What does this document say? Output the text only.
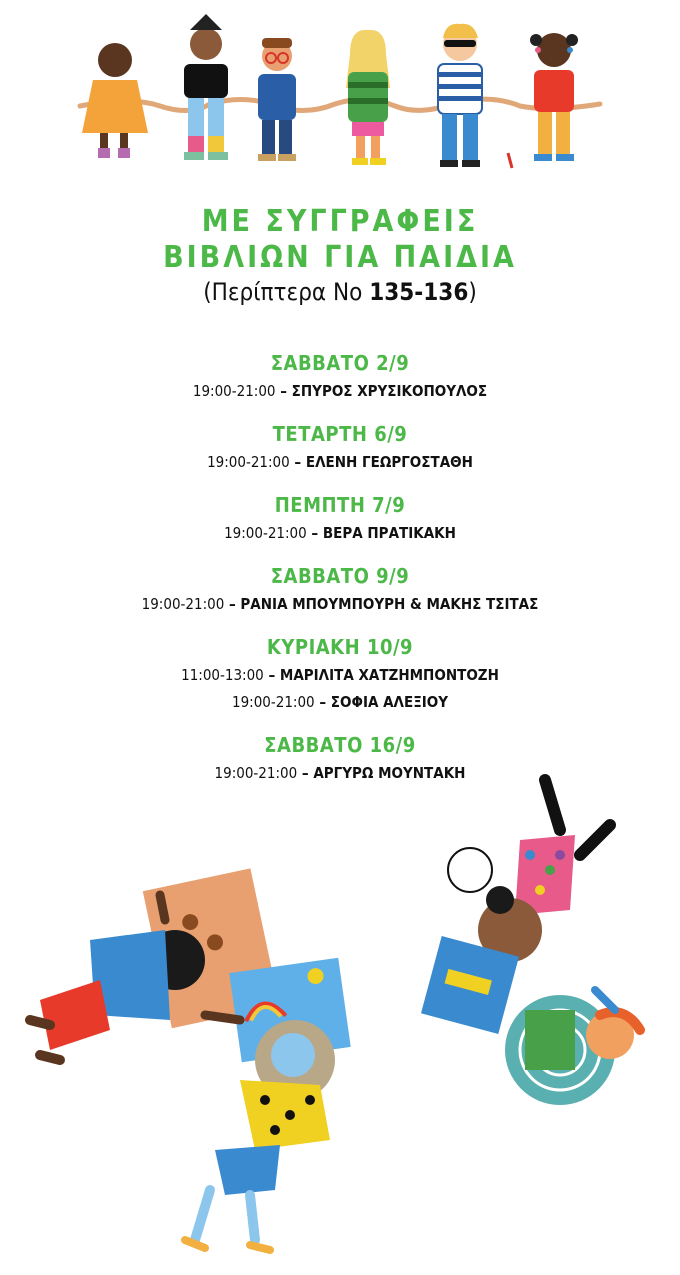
ΜΕ ΣΥΓΓΡΑΦΕΙΣ
ΒΙΒΛΙΩΝ ΓΙΑ ΠΑΙΔΙΑ
(Περίπτερα Νο 135-136)
ΣΑΒΒΑΤΟ 2/9
19:00-21:00 – ΣΠΥΡΟΣ ΧΡΥΣΙΚΟΠΟΥΛΟΣ
ΤΕΤΑΡΤΗ 6/9
19:00-21:00 – ΕΛΕΝΗ ΓΕΩΡΓΟΣΤΑΘΗ
ΠΕΜΠΤΗ 7/9
19:00-21:00 – ΒΕΡΑ ΠΡΑΤΙΚΑΚΗ
ΣΑΒΒΑΤΟ 9/9
19:00-21:00 – ΡΑΝΙΑ ΜΠΟΥΜΠΟΥΡΗ & ΜΑΚΗΣ ΤΣΙΤΑΣ
ΚΥΡΙΑΚΗ 10/9
11:00-13:00 – ΜΑΡΙΛΙΤΑ ΧΑΤΖΗΜΠΟΝΤΟΖΗ
19:00-21:00 – ΣΟΦΙΑ ΑΛΕΞΙΟΥ
ΣΑΒΒΑΤΟ 16/9
19:00-21:00 – ΑΡΓΥΡΩ ΜΟΥΝΤΑΚΗ
